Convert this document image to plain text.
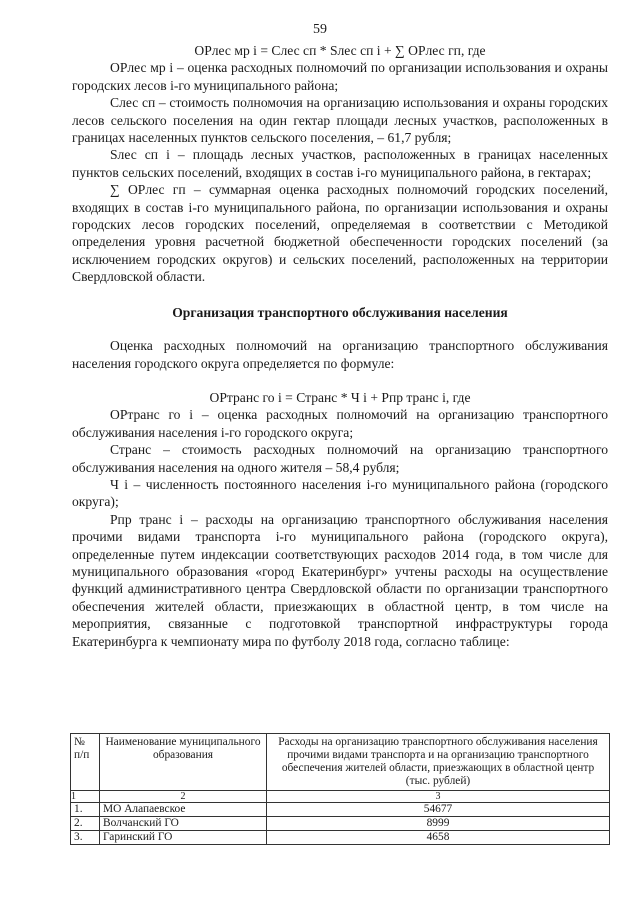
59

ОРлес мр i = Слес сп * Sлес сп i + ∑ ОРлес гп, где

ОРлес мр i – оценка расходных полномочий по организации использования и охраны городских лесов i-го муниципального района;

Слес сп – стоимость полномочия на организацию использования и охраны городских лесов сельского поселения на один гектар площади лесных участков, расположенных в границах населенных пунктов сельского поселения, – 61,7 рубля;

Sлес сп i – площадь лесных участков, расположенных в границах населенных пунктов сельских поселений, входящих в состав i-го муниципального района, в гектарах;

∑ ОРлес гп – суммарная оценка расходных полномочий городских поселений, входящих в состав i-го муниципального района, по организации использования и охраны городских лесов городских поселений, определяемая в соответствии с Методикой определения уровня расчетной бюджетной обеспеченности городских поселений (за исключением городских округов) и сельских поселений, расположенных на территории Свердловской области.

Организация транспортного обслуживания населения

Оценка расходных полномочий на организацию транспортного обслуживания населения городского округа определяется по формуле:

ОРтранс го i = Странс * Ч i + Рпр транс i, где

ОРтранс го i – оценка расходных полномочий на организацию транспортного обслуживания населения i-го городского округа;

Странс – стоимость расходных полномочий на организацию транспортного обслуживания населения на одного жителя – 58,4 рубля;

Ч i – численность постоянного населения i-го муниципального района (городского округа);

Рпр транс i – расходы на организацию транспортного обслуживания населения прочими видами транспорта i-го муниципального района (городского округа), определенные путем индексации соответствующих расходов 2014 года, в том числе для муниципального образования «город Екатеринбург» учтены расходы на осуществление функций административного центра Свердловской области по организации транспортного обеспечения жителей области, приезжающих в областной центр, в том числе на мероприятия, связанные с подготовкой транспортной инфраструктуры города Екатеринбурга к чемпионату мира по футболу 2018 года, согласно таблице:

№ п/п	Наименование муниципального образования	Расходы на организацию транспортного обслуживания населения прочими видами транспорта и на организацию транспортного обеспечения жителей области, приезжающих в областной центр (тыс. рублей)
1	2	3
1.	МО Алапаевское	54677
2.	Волчанский ГО	8999
3.	Гаринский ГО	4658
